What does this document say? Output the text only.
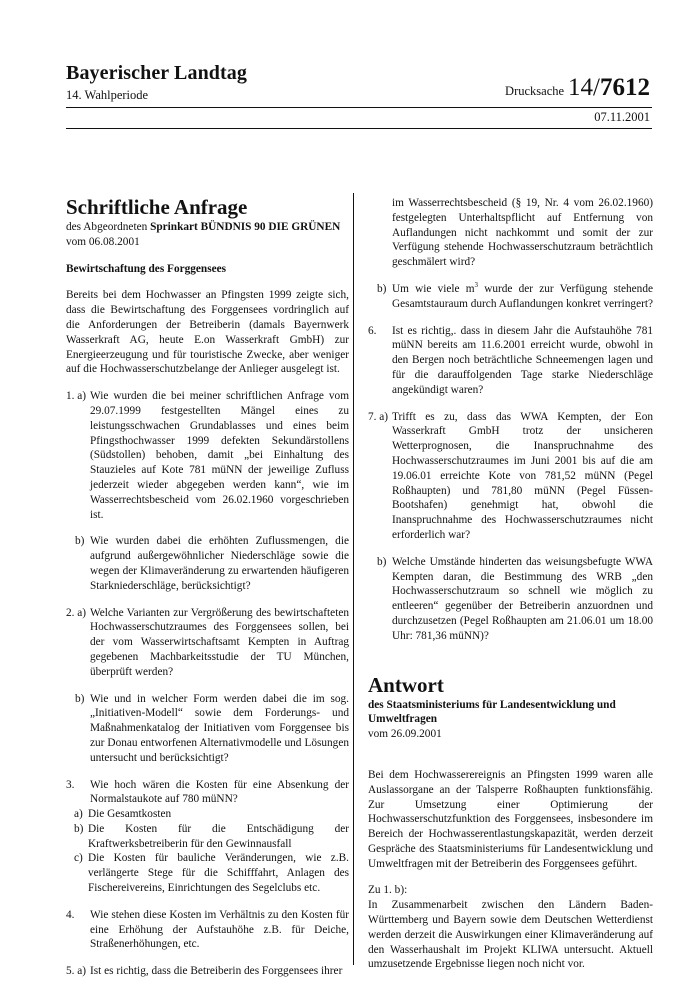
Bayerischer Landtag
14. Wahlperiode	Drucksache 14/7612
07.11.2001
Schriftliche Anfrage

des Abgeordneten Sprinkart BÜNDNIS 90 DIE GRÜNEN

vom 06.08.2001

Bewirtschaftung des Forggensees

Bereits bei dem Hochwasser an Pfingsten 1999 zeigte sich, dass die Bewirtschaftung des Forggensees vordringlich auf die Anforderungen der Betreiberin (damals Bayernwerk Wasserkraft AG, heute E.on Wasserkraft GmbH) zur Energieerzeugung und für touristische Zwecke, aber weniger auf die Hochwasserschutzbelange der Anlieger ausgelegt ist.

1. a) Wie wurden die bei meiner schriftlichen Anfrage vom 29.07.1999 festgestellten Mängel eines zu leistungsschwachen Grundablasses und eines beim Pfingsthochwasser 1999 defekten Sekundärstollens (Südstollen) behoben, damit „bei Einhaltung des Stauzieles auf Kote 781 müNN der jeweilige Zufluss jederzeit wieder abgegeben werden kann“, wie im Wasserrechtsbescheid vom 26.02.1960 vorgeschrieben ist.

b) Wie wurden dabei die erhöhten Zuflussmengen, die aufgrund außergewöhnlicher Niederschläge sowie die wegen der Klimaveränderung zu erwartenden häufigeren Starkniederschläge, berücksichtigt?

2. a) Welche Varianten zur Vergrößerung des bewirtschafteten Hochwasserschutzraumes des Forggensees sollen, bei der vom Wasserwirtschaftsamt Kempten in Auftrag gegebenen Machbarkeitsstudie der TU München, überprüft werden?

b) Wie und in welcher Form werden dabei die im sog. „Initiativen-Modell“ sowie dem Forderungs- und Maßnahmenkatalog der Initiativen vom Forggensee bis zur Donau entworfenen Alternativmodelle und Lösungen untersucht und berücksichtigt?

3. Wie hoch wären die Kosten für eine Absenkung der Normalstaukote auf 780 müNN?

a) Die Gesamtkosten

b) Die Kosten für die Entschädigung der Kraftwerksbetreiberin für den Gewinnausfall

c) Die Kosten für bauliche Veränderungen, wie z.B. verlängerte Stege für die Schifffahrt, Anlagen des Fischereivereins, Einrichtungen des Segelclubs etc.

4. Wie stehen diese Kosten im Verhältnis zu den Kosten für eine Erhöhung der Aufstauhöhe z.B. für Deiche, Straßenerhöhungen, etc.

5. a) Ist es richtig, dass die Betreiberin des Forggensees ihrer

im Wasserrechtsbescheid (§ 19, Nr. 4 vom 26.02.1960) festgelegten Unterhaltspflicht auf Entfernung von Auflandungen nicht nachkommt und somit der zur Verfügung stehende Hochwasserschutzraum beträchtlich geschmälert wird?

b) Um wie viele $m^3$ wurde der zur Verfügung stehende Gesamtstauraum durch Auflandungen konkret verringert?

6. Ist es richtig,. dass in diesem Jahr die Aufstauhöhe 781 müNN bereits am 11.6.2001 erreicht wurde, obwohl in den Bergen noch beträchtliche Schneemengen lagen und für die darauffolgenden Tage starke Niederschläge angekündigt waren?

7. a) Trifft es zu, dass das WWA Kempten, der Eon Wasserkraft GmbH trotz der unsicheren Wetterprognosen, die Inanspruchnahme des Hochwasserschutzraumes im Juni 2001 bis auf die am 19.06.01 erreichte Kote von 781,52 müNN (Pegel Roßhaupten) und 781,80 müNN (Pegel Füssen-Bootshafen) genehmigt hat, obwohl die Inanspruchnahme des Hochwasserschutzraumes nicht erforderlich war?

b) Welche Umstände hinderten das weisungsbefugte WWA Kempten daran, die Bestimmung des WRB „den Hochwasserschutzraum so schnell wie möglich zu entleeren“ gegenüber der Betreiberin anzuordnen und durchzusetzen (Pegel Roßhaupten am 21.06.01 um 18.00 Uhr: 781,36 müNN)?

Antwort

des Staatsministeriums für Landesentwicklung und Umweltfragen

vom 26.09.2001

Bei dem Hochwasserereignis an Pfingsten 1999 waren alle Auslassorgane an der Talsperre Roßhaupten funktionsfähig. Zur Umsetzung einer Optimierung der Hochwasserschutzfunktion des Forggensees, insbesondere im Bereich der Hochwasserentlastungskapazität, werden derzeit Gespräche des Staatsministeriums für Landesentwicklung und Umweltfragen mit der Betreiberin des Forggensees geführt.

Zu 1. b):

In Zusammenarbeit zwischen den Ländern Baden-Württemberg und Bayern sowie dem Deutschen Wetterdienst werden derzeit die Auswirkungen einer Klimaveränderung auf den Wasserhaushalt im Projekt KLIWA untersucht. Aktuell umzusetzende Ergebnisse liegen noch nicht vor.
